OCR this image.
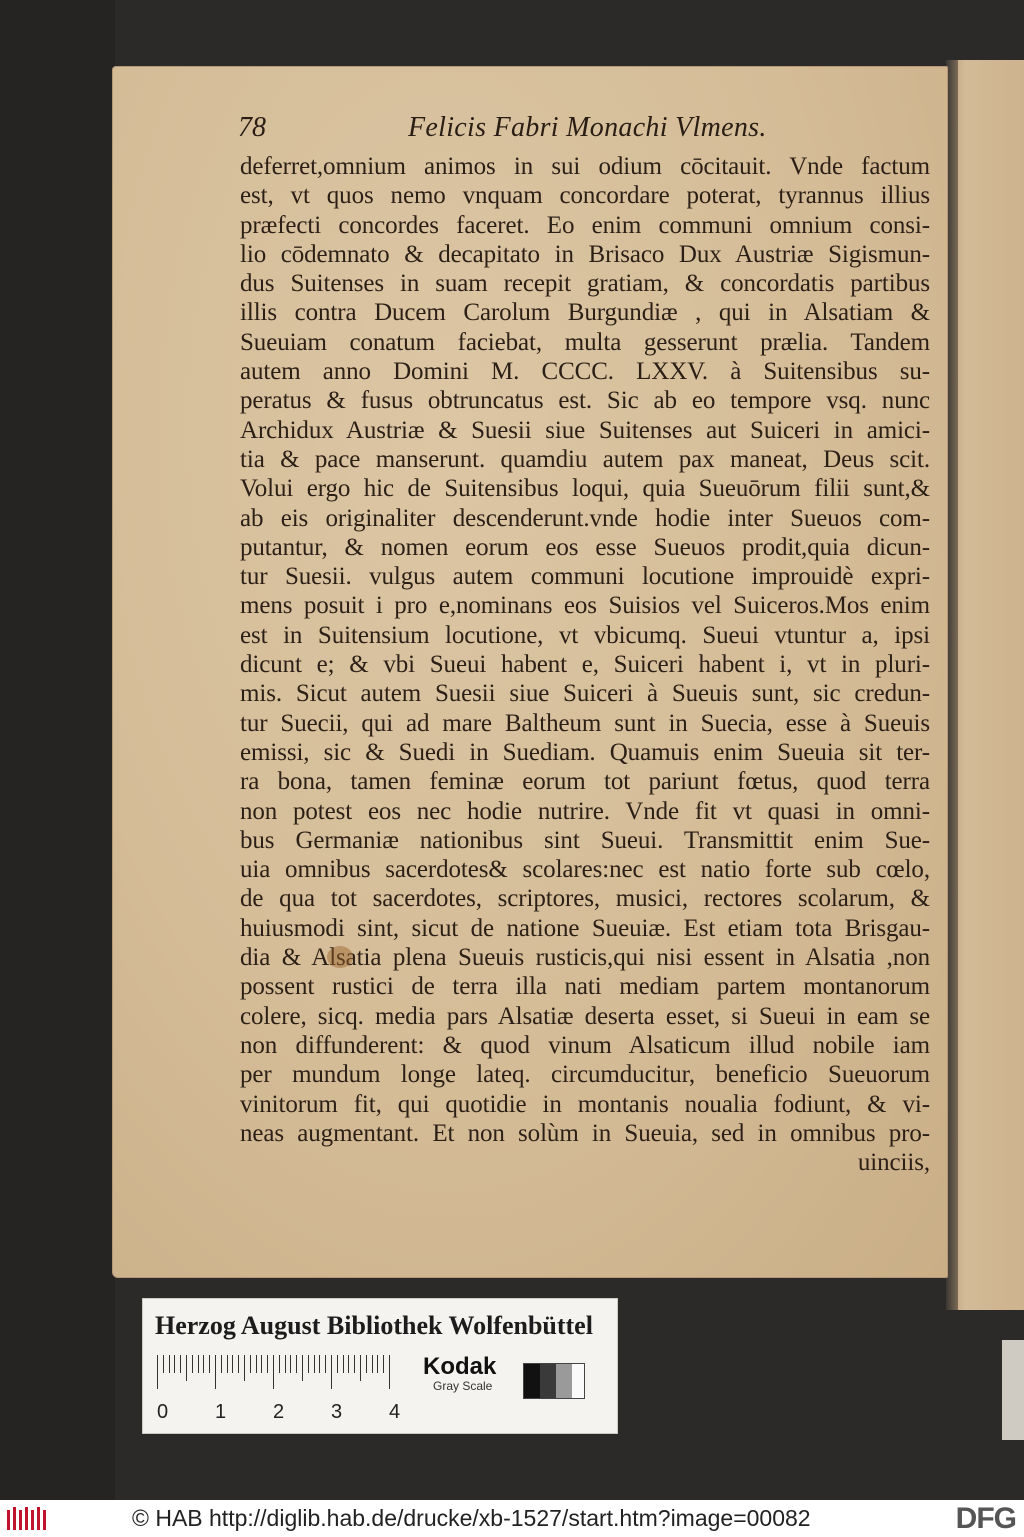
78	Felicis Fabri Monachi Vlmens.
deferret,omnium animos in sui odium cōcitauit. Vnde factum
est, vt quos nemo vnquam concordare poterat, tyrannus illius
præfecti concordes faceret. Eo enim communi omnium consi-
lio cōdemnato & decapitato in Brisaco Dux Austriæ Sigismun-
dus Suitenses in suam recepit gratiam, & concordatis partibus
illis contra Ducem Carolum Burgundiæ , qui in Alsatiam &
Sueuiam conatum faciebat, multa gesserunt prælia. Tandem
autem anno Domini M. CCCC. LXXV. à Suitensibus su-
peratus & fusus obtruncatus est. Sic ab eo tempore vsq. nunc
Archidux Austriæ & Suesii siue Suitenses aut Suiceri in amici-
tia & pace manserunt. quamdiu autem pax maneat, Deus scit.
Volui ergo hic de Suitensibus loqui, quia Sueuōrum filii sunt,&
ab eis originaliter descenderunt.vnde hodie inter Sueuos com-
putantur, & nomen eorum eos esse Sueuos prodit,quia dicun-
tur Suesii. vulgus autem communi locutione improuidè expri-
mens posuit i pro e,nominans eos Suisios vel Suiceros.Mos enim
est in Suitensium locutione, vt vbicumq. Sueui vtuntur a, ipsi
dicunt e; & vbi Sueui habent e, Suiceri habent i, vt in pluri-
mis. Sicut autem Suesii siue Suiceri à Sueuis sunt, sic credun-
tur Suecii, qui ad mare Baltheum sunt in Suecia, esse à Sueuis
emissi, sic & Suedi in Suediam. Quamuis enim Sueuia sit ter-
ra bona, tamen feminæ eorum tot pariunt fœtus, quod terra
non potest eos nec hodie nutrire. Vnde fit vt quasi in omni-
bus Germaniæ nationibus sint Sueui. Transmittit enim Sue-
uia omnibus sacerdotes& scolares:nec est natio forte sub cœlo,
de qua tot sacerdotes, scriptores, musici, rectores scolarum, &
huiusmodi sint, sicut de natione Sueuiæ. Est etiam tota Brisgau-
dia & Alsatia plena Sueuis rusticis,qui nisi essent in Alsatia ,non
possent rustici de terra illa nati mediam partem montanorum
colere, sicq. media pars Alsatiæ deserta esset, si Sueui in eam se
non diffunderent: & quod vinum Alsaticum illud nobile iam
per mundum longe lateq. circumducitur, beneficio Sueuorum
vinitorum fit, qui quotidie in montanis noualia fodiunt, & vi-
neas augmentant. Et non solùm in Sueuia, sed in omnibus pro-
uinciis,
Herzog August Bibliothek Wolfenbüttel
0 1 2 3 4
Kodak
Gray Scale
© HAB http://diglib.hab.de/drucke/xb-1527/start.htm?image=00082	DFG
